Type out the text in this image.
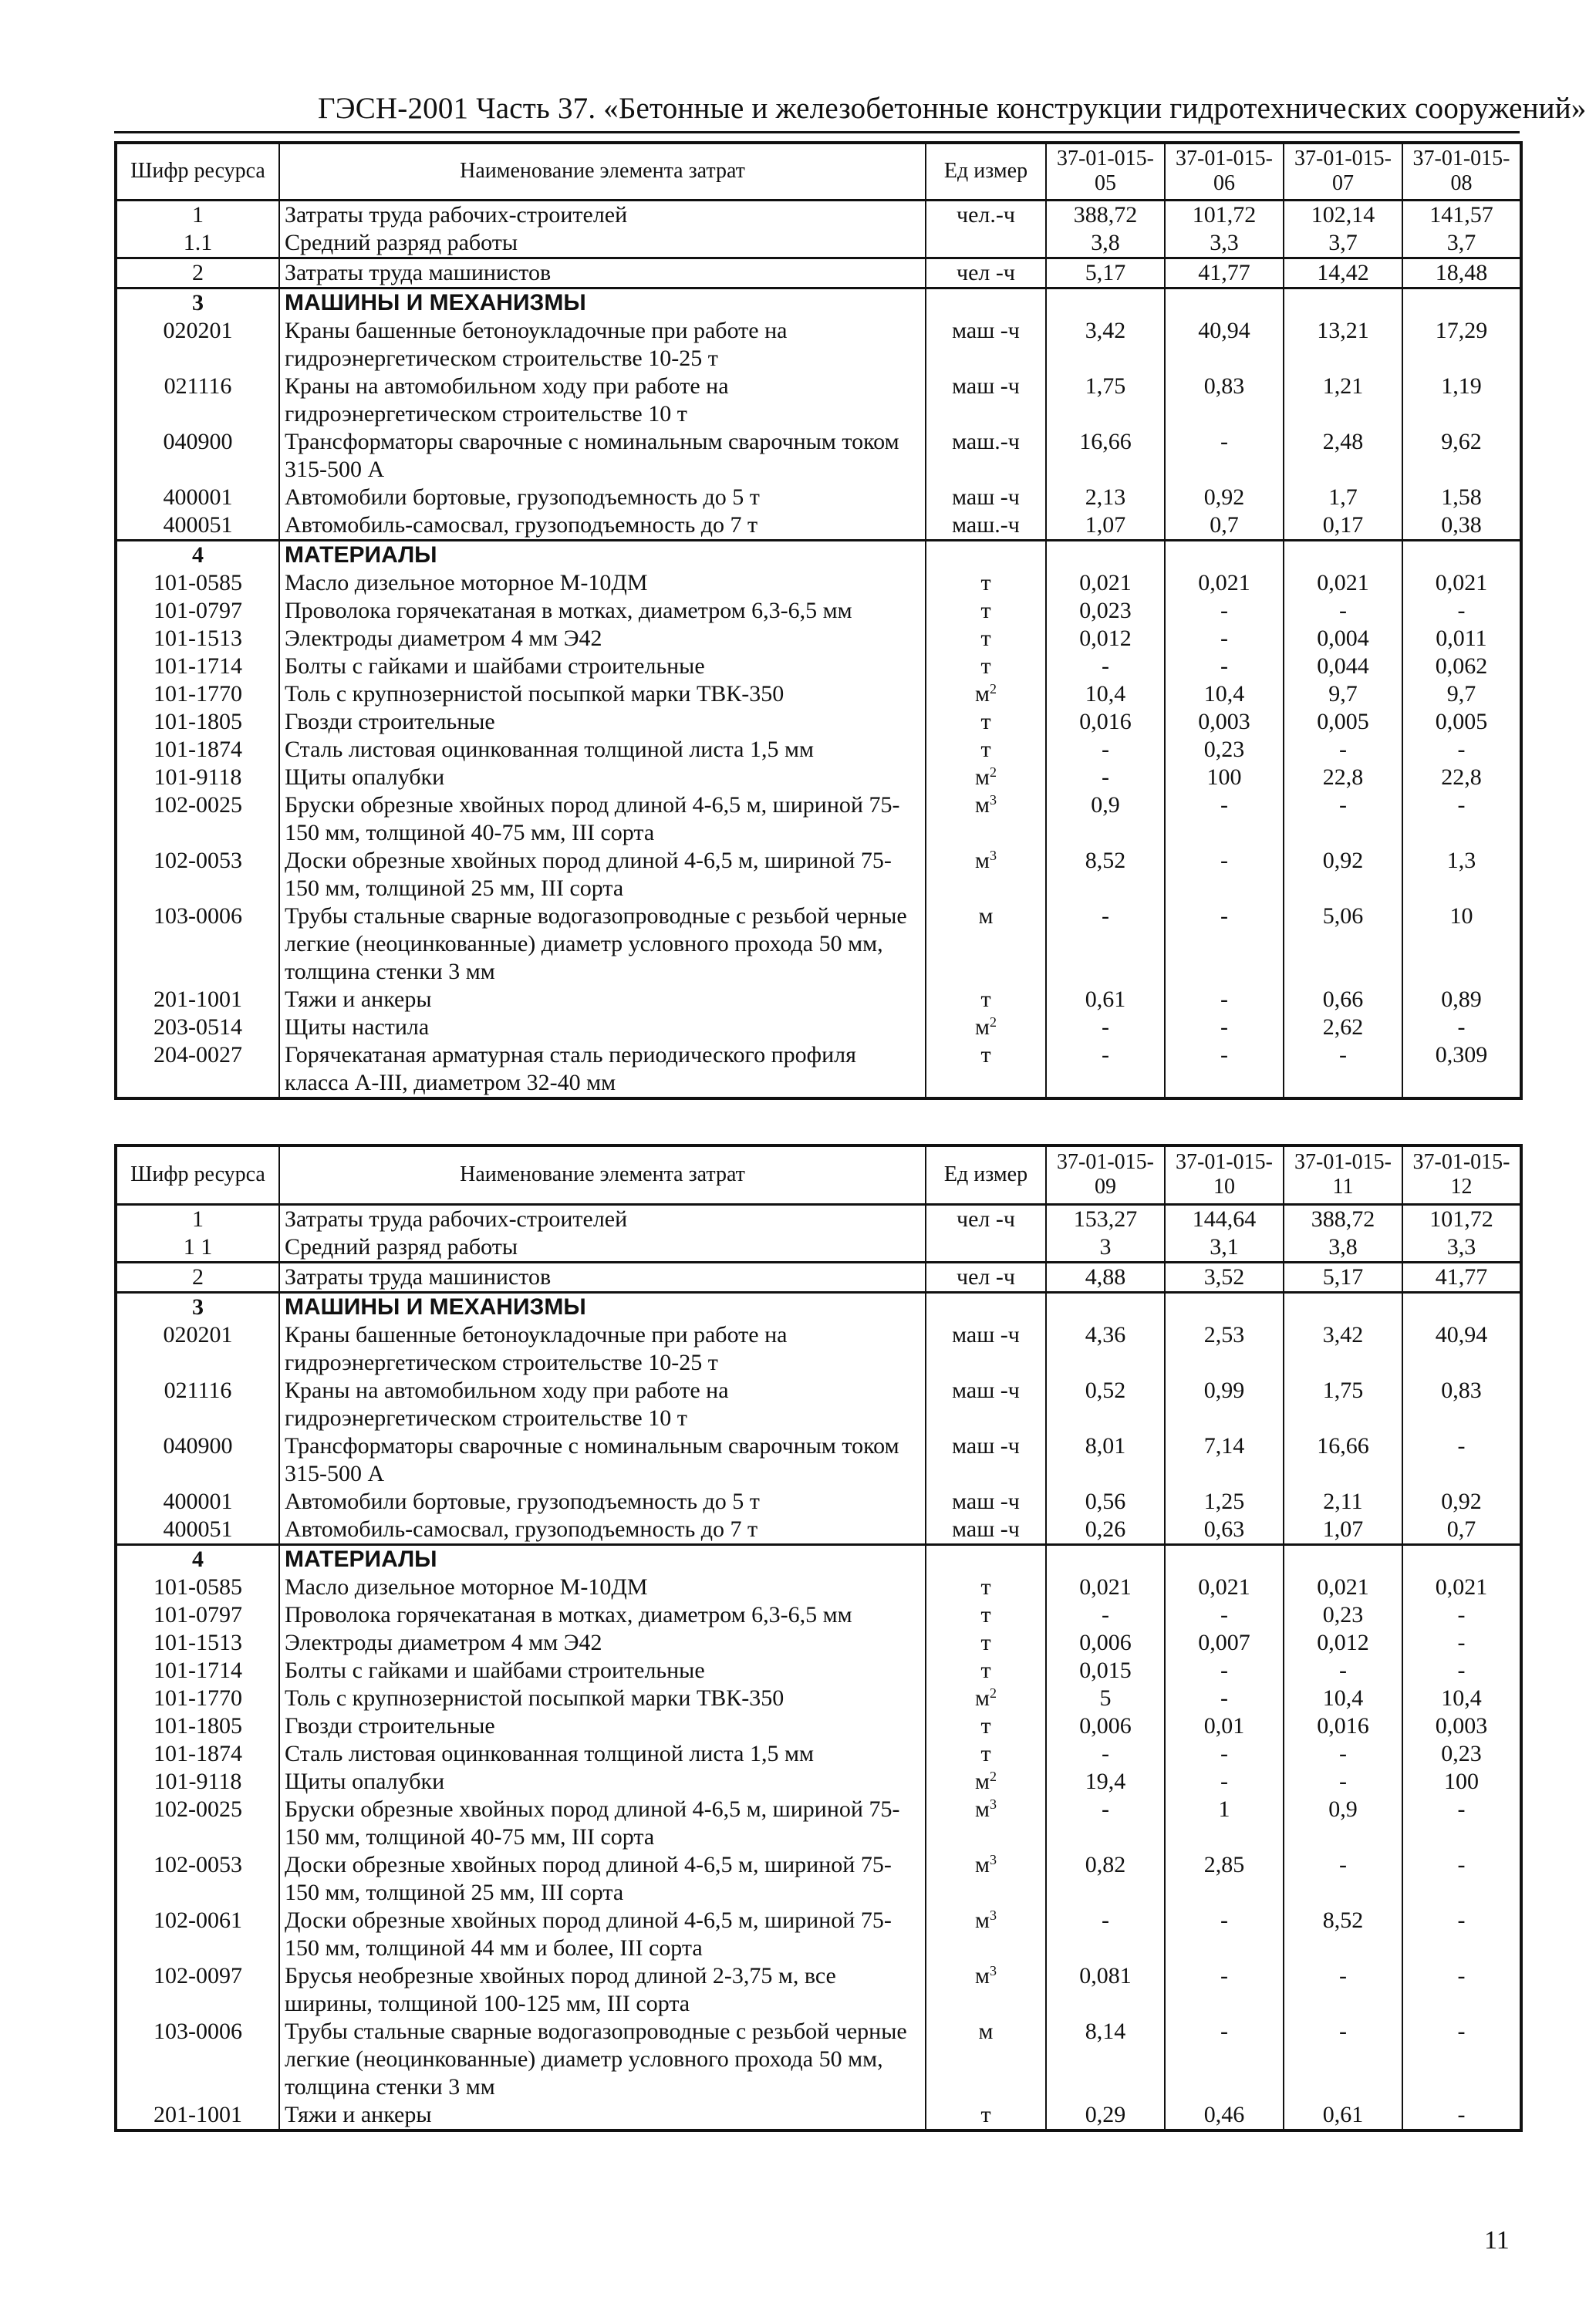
ГЭСН-2001 Часть 37. «Бетонные и железобетонные конструкции гидротехнических сооружений»
Шифр ресурса	Наименование элемента затрат	Ед измер	37-01-015-05	37-01-015-06	37-01-015-07	37-01-015-08
1	Затраты труда рабочих-строителей	чел.-ч	388,72	101,72	102,14	141,57
1.1	Средний разряд работы		3,8	3,3	3,7	3,7
2	Затраты труда машинистов	чел -ч	5,17	41,77	14,42	18,48
3	МАШИНЫ И МЕХАНИЗМЫ					
020201	Краны башенные бетоноукладочные при работе на гидроэнергетическом строительстве 10-25 т	маш -ч	3,42	40,94	13,21	17,29
021116	Краны на автомобильном ходу при работе на гидроэнергетическом строительстве 10 т	маш -ч	1,75	0,83	1,21	1,19
040900	Трансформаторы сварочные с номинальным сварочным током 315-500 А	маш.-ч	16,66	-	2,48	9,62
400001	Автомобили бортовые, грузоподъемность до 5 т	маш -ч	2,13	0,92	1,7	1,58
400051	Автомобиль-самосвал, грузоподъемность до 7 т	маш.-ч	1,07	0,7	0,17	0,38
4	МАТЕРИАЛЫ					
101-0585	Масло дизельное моторное М-10ДМ	т	0,021	0,021	0,021	0,021
101-0797	Проволока горячекатаная в мотках, диаметром 6,3-6,5 мм	т	0,023	-	-	-
101-1513	Электроды диаметром 4 мм Э42	т	0,012	-	0,004	0,011
101-1714	Болты с гайками и шайбами строительные	т	-	-	0,044	0,062
101-1770	Толь с крупнозернистой посыпкой марки ТВК-350	$м^2$	10,4	10,4	9,7	9,7
101-1805	Гвозди строительные	т	0,016	0,003	0,005	0,005
101-1874	Сталь листовая оцинкованная толщиной листа 1,5 мм	т	-	0,23	-	-
101-9118	Щиты опалубки	$м^2$	-	100	22,8	22,8
102-0025	Бруски обрезные хвойных пород длиной 4-6,5 м, шириной 75-150 мм, толщиной 40-75 мм, III сорта	$м^3$	0,9	-	-	-
102-0053	Доски обрезные хвойных пород длиной 4-6,5 м, шириной 75-150 мм, толщиной 25 мм, III сорта	$м^3$	8,52	-	0,92	1,3
103-0006	Трубы стальные сварные водогазопроводные с резьбой черные легкие (неоцинкованные) диаметр условного прохода 50 мм, толщина стенки 3 мм	м	-	-	5,06	10
201-1001	Тяжи и анкеры	т	0,61	-	0,66	0,89
203-0514	Щиты настила	$м^2$	-	-	2,62	-
204-0027	Горячекатаная арматурная сталь периодического профиля класса А-III, диаметром 32-40 мм	т	-	-	-	0,309
Шифр ресурса	Наименование элемента затрат	Ед измер	37-01-015-09	37-01-015-10	37-01-015-11	37-01-015-12
1	Затраты труда рабочих-строителей	чел -ч	153,27	144,64	388,72	101,72
1 1	Средний разряд работы		3	3,1	3,8	3,3
2	Затраты труда машинистов	чел -ч	4,88	3,52	5,17	41,77
3	МАШИНЫ И МЕХАНИЗМЫ					
020201	Краны башенные бетоноукладочные при работе на гидроэнергетическом строительстве 10-25 т	маш -ч	4,36	2,53	3,42	40,94
021116	Краны на автомобильном ходу при работе на гидроэнергетическом строительстве 10 т	маш -ч	0,52	0,99	1,75	0,83
040900	Трансформаторы сварочные с номинальным сварочным током 315-500 А	маш -ч	8,01	7,14	16,66	-
400001	Автомобили бортовые, грузоподъемность до 5 т	маш -ч	0,56	1,25	2,11	0,92
400051	Автомобиль-самосвал, грузоподъемность до 7 т	маш -ч	0,26	0,63	1,07	0,7
4	МАТЕРИАЛЫ					
101-0585	Масло дизельное моторное М-10ДМ	т	0,021	0,021	0,021	0,021
101-0797	Проволока горячекатаная в мотках, диаметром 6,3-6,5 мм	т	-	-	0,23	-
101-1513	Электроды диаметром 4 мм Э42	т	0,006	0,007	0,012	-
101-1714	Болты с гайками и шайбами строительные	т	0,015	-	-	-
101-1770	Толь с крупнозернистой посыпкой марки ТВК-350	$м^2$	5	-	10,4	10,4
101-1805	Гвозди строительные	т	0,006	0,01	0,016	0,003
101-1874	Сталь листовая оцинкованная толщиной листа 1,5 мм	т	-	-	-	0,23
101-9118	Щиты опалубки	$м^2$	19,4	-	-	100
102-0025	Бруски обрезные хвойных пород длиной 4-6,5 м, шириной 75-150 мм, толщиной 40-75 мм, III сорта	$м^3$	-	1	0,9	-
102-0053	Доски обрезные хвойных пород длиной 4-6,5 м, шириной 75-150 мм, толщиной 25 мм, III сорта	$м^3$	0,82	2,85	-	-
102-0061	Доски обрезные хвойных пород длиной 4-6,5 м, шириной 75-150 мм, толщиной 44 мм и более, III сорта	$м^3$	-	-	8,52	-
102-0097	Брусья необрезные хвойных пород длиной 2-3,75 м, все ширины, толщиной 100-125 мм, III сорта	$м^3$	0,081	-	-	-
103-0006	Трубы стальные сварные водогазопроводные с резьбой черные легкие (неоцинкованные) диаметр условного прохода 50 мм, толщина стенки 3 мм	м	8,14	-	-	-
201-1001	Тяжи и анкеры	т	0,29	0,46	0,61	-
11
